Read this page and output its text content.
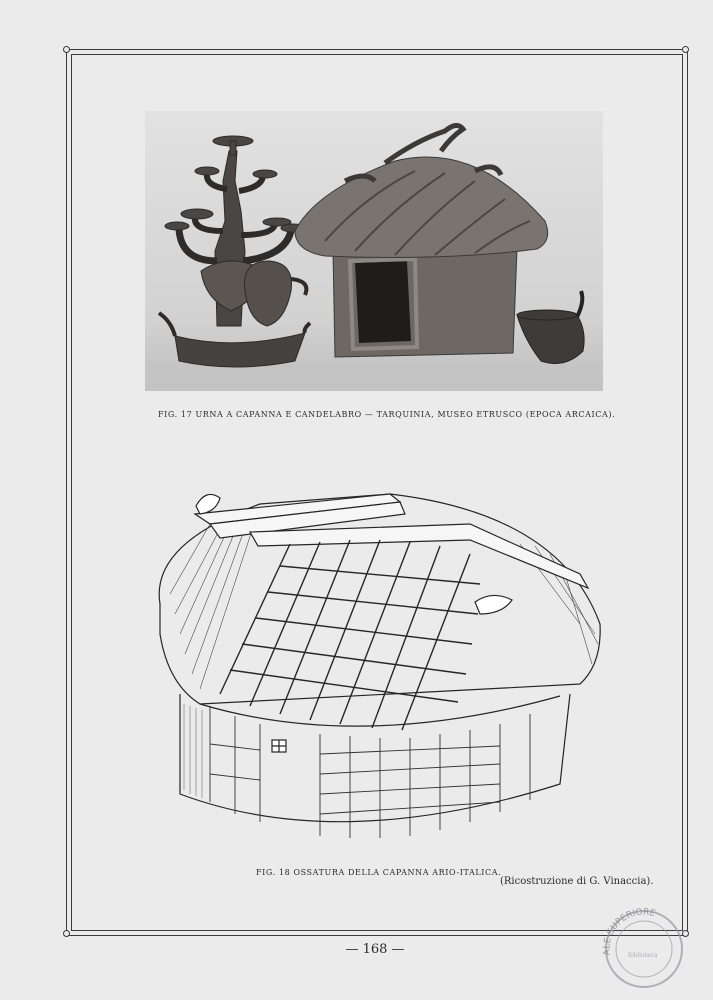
FIG. 17 URNA A CAPANNA E CANDELABRO — TARQUINIA, MUSEO ETRUSCO (EPOCA ARCAICA).
FIG. 18 OSSATURA DELLA CAPANNA ARIO-ITALICA.
(Ricostruzione di G. Vinaccia).
— 168 —	ALE SUPERIORE
Biblioteca
